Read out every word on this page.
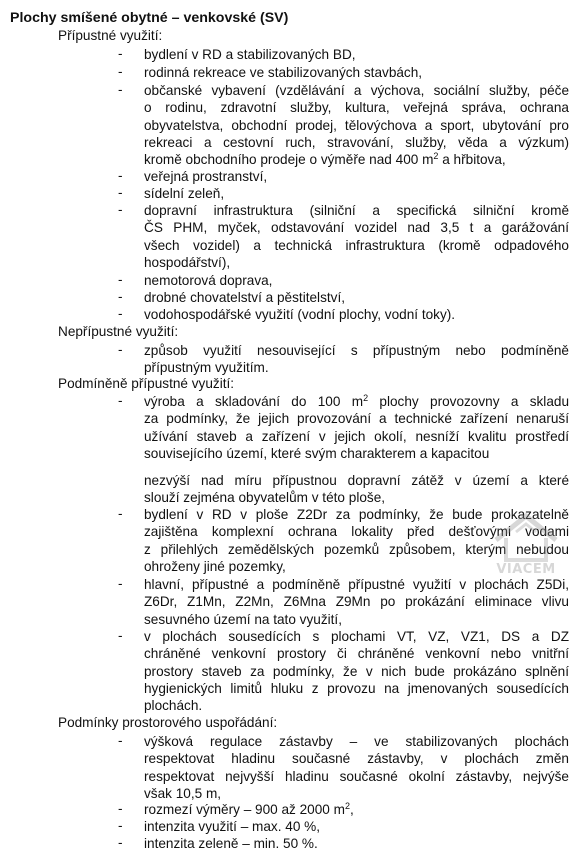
Plochy smíšené obytné – venkovské (SV)
Přípustné využití:
- bydlení v RD a stabilizovaných BD,
- rodinná rekreace ve stabilizovaných stavbách,
- občanské vybavení (vzdělávání a výchova, sociální služby, péče
o rodinu, zdravotní služby, kultura, veřejná správa, ochrana
obyvatelstva, obchodní prodej, tělovýchova a sport, ubytování pro
rekreaci a cestovní ruch, stravování, služby, věda a výzkum)
kromě obchodního prodeje o výměře nad 400 $m^2$ a hřbitova,
- veřejná prostranství,
- sídelní zeleň,
- dopravní infrastruktura (silniční a specifická silniční kromě
ČS PHM, myček, odstavování vozidel nad 3,5 t a garážování
všech vozidel) a technická infrastruktura (kromě odpadového
hospodářství),
- nemotorová doprava,
- drobné chovatelství a pěstitelství,
- vodohospodářské využití (vodní plochy, vodní toky).
Nepřípustné využití:
- způsob využití nesouvisející s přípustným nebo podmíněně
přípustným využitím.
Podmíněně přípustné využití:
- výroba a skladování do 100 $m^2$ plochy provozovny a skladu
za podmínky, že jejich provozování a technické zařízení nenaruší
užívání staveb a zařízení v jejich okolí, nesníží kvalitu prostředí
souvisejícího území, které svým charakterem a kapacitou
nezvýší nad míru přípustnou dopravní zátěž v území a které
slouží zejména obyvatelům v této ploše,
- bydlení v RD v ploše Z2Dr za podmínky, že bude prokazatelně
zajištěna komplexní ochrana lokality před dešťovými vodami
z přilehlých zemědělských pozemků způsobem, kterým nebudou
ohroženy jiné pozemky,
- hlavní, přípustné a podmíněně přípustné využití v plochách Z5Di,
Z6Dr, Z1Mn, Z2Mn, Z6Mna Z9Mn po prokázání eliminace vlivu
sesuvného území na tato využití,
- v plochách sousedících s plochami VT, VZ, VZ1, DS a DZ
chráněné venkovní prostory či chráněné venkovní nebo vnitřní
prostory staveb za podmínky, že v nich bude prokázáno splnění
hygienických limitů hluku z provozu na jmenovaných sousedících
plochách.
Podmínky prostorového uspořádání:
- výšková regulace zástavby – ve stabilizovaných plochách
respektovat hladinu současné zástavby, v plochách změn
respektovat nejvyšší hladinu současné okolní zástavby, nejvýše
však 10,5 m,
- rozmezí výměry – 900 až 2000 $m^2$,
- intenzita využití – max. 40 %,
- intenzita zeleně – min. 50 %.
VIACEM
